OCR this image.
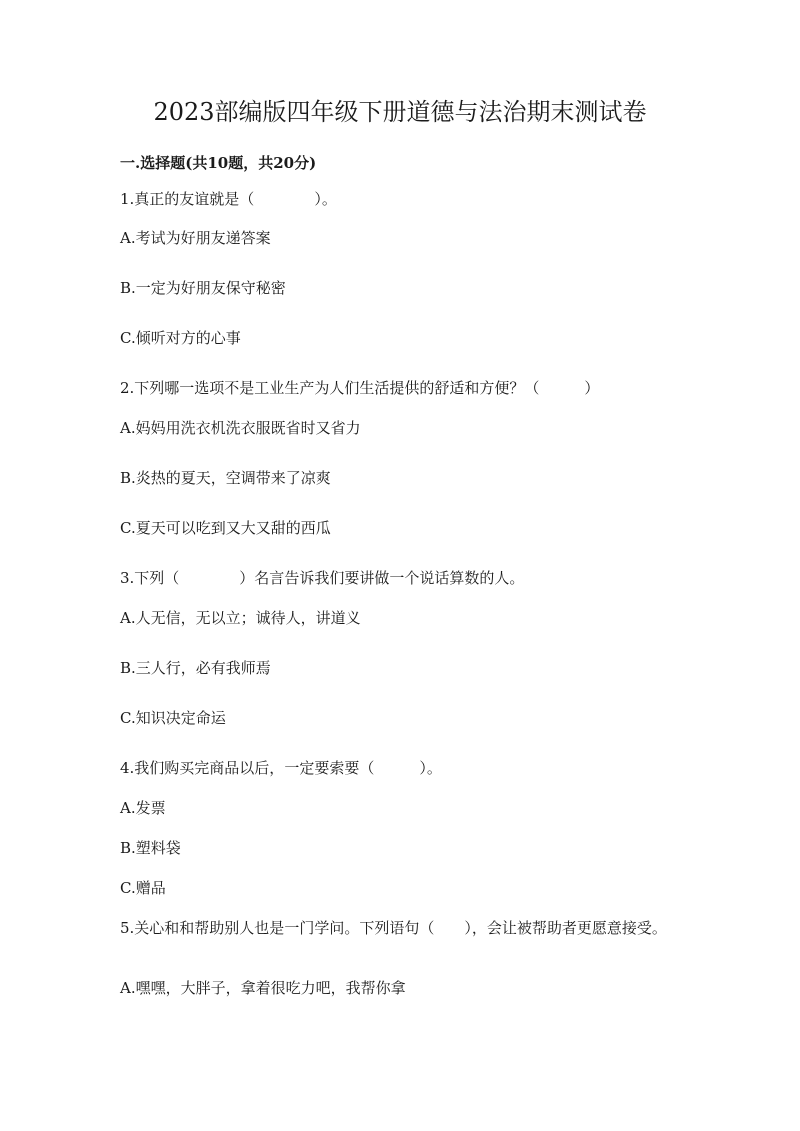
2023部编版四年级下册道德与法治期末测试卷
一.选择题(共10题，共20分)

1.真正的友谊就是（　　　　）。

A.考试为好朋友递答案

B.一定为好朋友保守秘密

C.倾听对方的心事

2.下列哪一选项不是工业生产为人们生活提供的舒适和方便？（　　　）

A.妈妈用洗衣机洗衣服既省时又省力

B.炎热的夏天，空调带来了凉爽

C.夏天可以吃到又大又甜的西瓜

3.下列（　　　　）名言告诉我们要讲做一个说话算数的人。

A.人无信，无以立；诚待人，讲道义

B.三人行，必有我师焉

C.知识决定命运

4.我们购买完商品以后，一定要索要（　　　）。

A.发票

B.塑料袋

C.赠品

5.关心和和帮助别人也是一门学问。下列语句（　　），会让被帮助者更愿意接受。

A.嘿嘿，大胖子，拿着很吃力吧，我帮你拿
